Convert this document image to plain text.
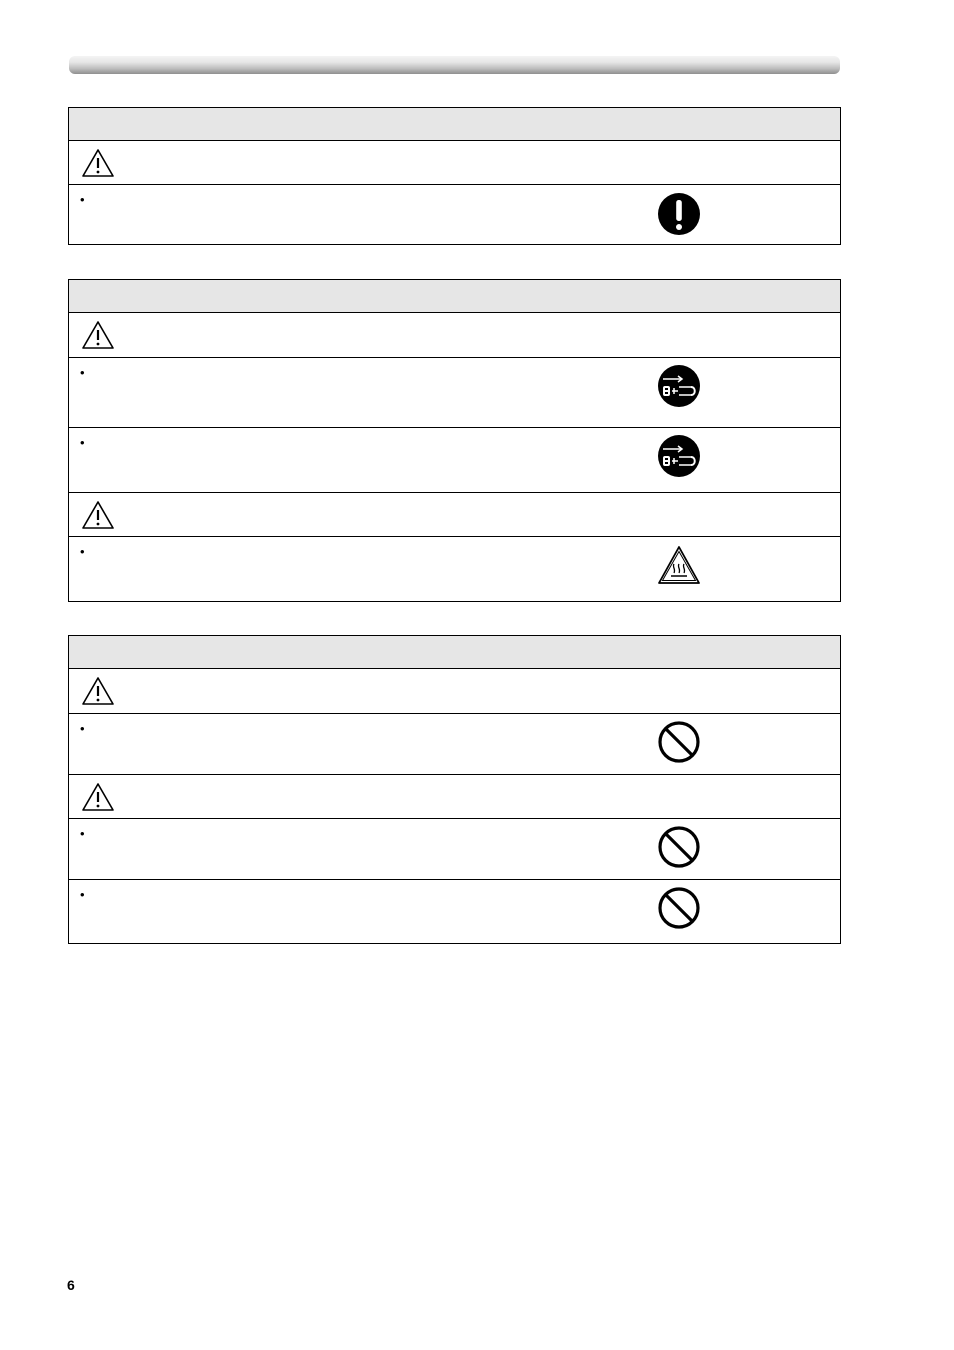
•
•
•
•
•
•
•
6
